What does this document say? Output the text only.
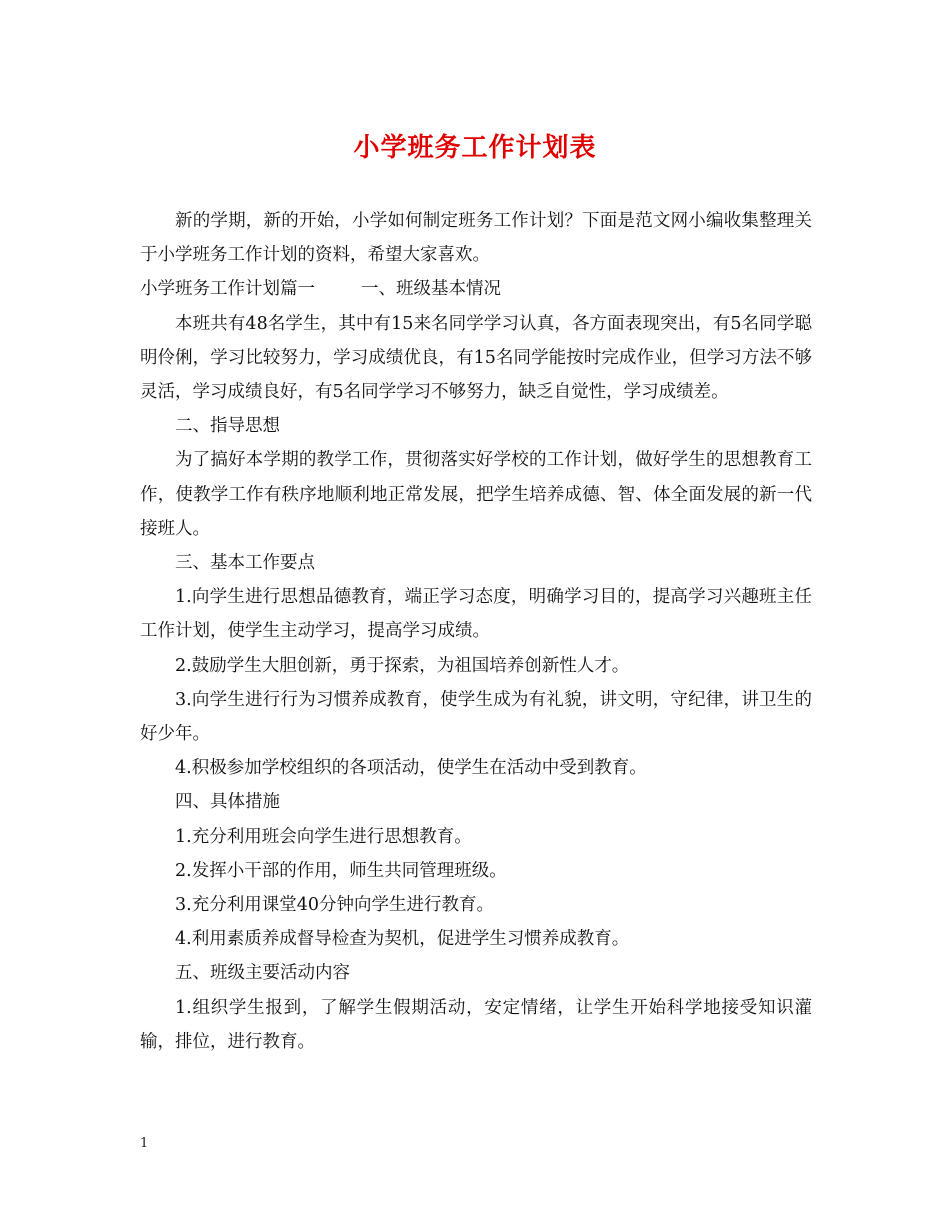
小学班务工作计划表

新的学期，新的开始，小学如何制定班务工作计划？下面是范文网小编收集整理关于小学班务工作计划的资料，希望大家喜欢。

小学班务工作计划篇一	一、班级基本情况

本班共有48名学生，其中有15来名同学学习认真，各方面表现突出，有5名同学聪明伶俐，学习比较努力，学习成绩优良，有15名同学能按时完成作业，但学习方法不够灵活，学习成绩良好，有5名同学学习不够努力，缺乏自觉性，学习成绩差。

二、指导思想

为了搞好本学期的教学工作，贯彻落实好学校的工作计划，做好学生的思想教育工作，使教学工作有秩序地顺利地正常发展，把学生培养成德、智、体全面发展的新一代接班人。

三、基本工作要点

1.向学生进行思想品德教育，端正学习态度，明确学习目的，提高学习兴趣班主任工作计划，使学生主动学习，提高学习成绩。

2.鼓励学生大胆创新，勇于探索，为祖国培养创新性人才。

3.向学生进行行为习惯养成教育，使学生成为有礼貌，讲文明，守纪律，讲卫生的好少年。

4.积极参加学校组织的各项活动，使学生在活动中受到教育。

四、具体措施

1.充分利用班会向学生进行思想教育。

2.发挥小干部的作用，师生共同管理班级。

3.充分利用课堂40分钟向学生进行教育。

4.利用素质养成督导检查为契机，促进学生习惯养成教育。

五、班级主要活动内容

1.组织学生报到，了解学生假期活动，安定情绪，让学生开始科学地接受知识灌输，排位，进行教育。

1
